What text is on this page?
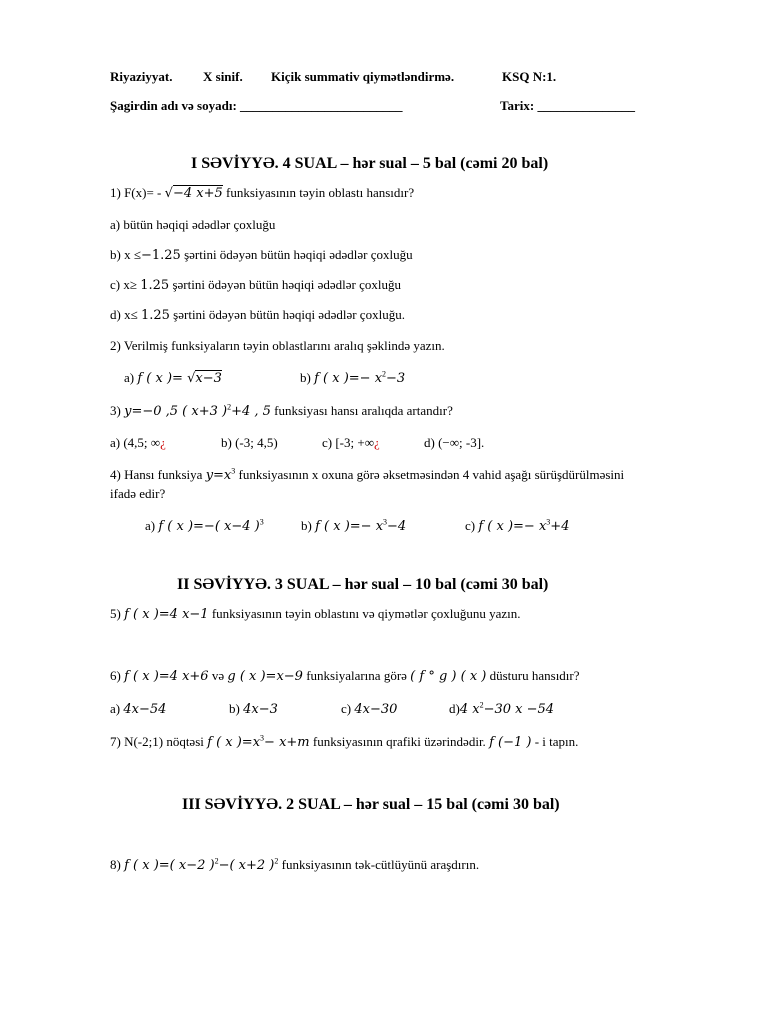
Riyaziyyat. X sinif. Kiçik summativ qiymətləndirmə.	KSQ N:1.
Şagirdin adı və soyadı: _________________________	Tarix: _______________
I SƏVİYYƏ. 4 SUAL – hər sual – 5 bal (cəmi 20 bal)
1) F(x)= - √−4 x+5 funksiyasının təyin oblastı hansıdır?
a) bütün həqiqi ədədlər çoxluğu
b) x ≤−1.25 şərtini ödəyən bütün həqiqi ədədlər çoxluğu
c) x≥ 1.25 şərtini ödəyən bütün həqiqi ədədlər çoxluğu
d) x≤ 1.25 şərtini ödəyən bütün həqiqi ədədlər çoxluğu.
2) Verilmiş funksiyaların təyin oblastlarını aralıq şəklində yazın.
a) f ( x )= √x−3	b) f ( x )=− $x^2-3$
3) y=−0 ,5 ( x+3 )$^2$+4 , 5 funksiyası hansı aralıqda artandır?
a) (4,5; ∞¿	b) (-3; 4,5)	c) [-3; +∞¿	d) (−∞; -3].
4) Hansı funksiya $y=x^3$ funksiyasının x oxuna görə əksetməsindən 4 vahid aşağı sürüşdürülməsini
ifadə edir?
a) f ( x )=−( x−4 )$^3$	b) f ( x )=− $x^3-4$	c) f ( x )=− $x^3+4$
II SƏVİYYƏ. 3 SUAL – hər sual – 10 bal (cəmi 30 bal)
5) f ( x )=4 x−1 funksiyasının təyin oblastını və qiymətlər çoxluğunu yazın.
6) f ( x )=4 x+6 və g ( x )=x−9 funksiyalarına görə ( f ° g ) ( x ) düsturu hansıdır?
a) 4x−54	b) 4x−3	c) 4x−30	d)4 $x^2-30$ x −54
7) N(-2;1) nöqtəsi f ( x )$=x^3- x+m$ funksiyasının qrafiki üzərindədir. f (−1 ) - i tapın.
III SƏVİYYƏ. 2 SUAL – hər sual – 15 bal (cəmi 30 bal)
8) f ( x )=( x−2 )$^2$−( x+2 )$^2$ funksiyasının tək-cütlüyünü araşdırın.
